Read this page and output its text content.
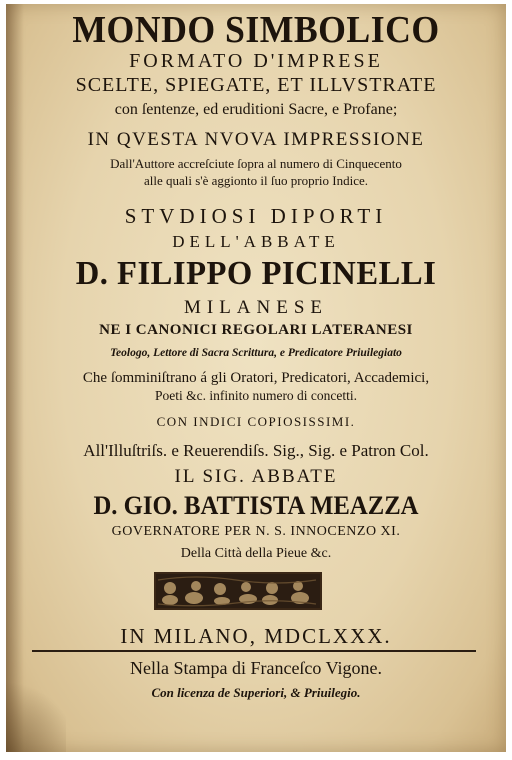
MONDO SIMBOLICO
FORMATO D'IMPRESE
SCELTE, SPIEGATE, ET ILLVSTRATE
con ſentenze, ed eruditioni Sacre, e Profane;
IN QVESTA NVOVA IMPRESSIONE
Dall'Auttore accreſciute ſopra al numero di Cinquecento
alle quali s'è aggionto il ſuo proprio Indice.
STVDIOSI DIPORTI
DELL'ABBATE
D. FILIPPO PICINELLI
MILANESE
NE I CANONICI REGOLARI LATERANESI
Teologo, Lettore di Sacra Scrittura, e Predicatore Priuilegiato
Che ſomminiſtrano á gli Oratori, Predicatori, Accademici,
Poeti &c. infinito numero di concetti.
CON INDICI COPIOSISSIMI.
All'Illuſtriſs. e Reuerendiſs. Sig., Sig. e Patron Col.
IL SIG. ABBATE
D. GIO. BATTISTA MEAZZA
GOVERNATORE PER N. S. INNOCENZO XI.
Della Città della Pieue &c.
IN MILANO, MDCLXXX.
Nella Stampa di Franceſco Vigone.
Con licenza de Superiori, & Priuilegio.
